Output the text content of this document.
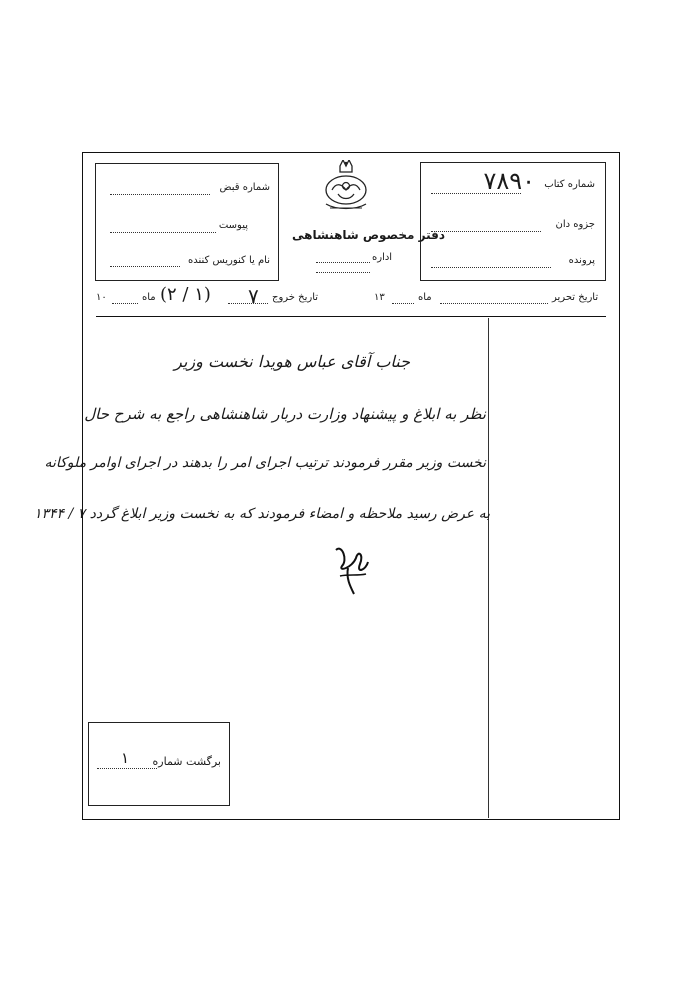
شماره کتاب
۷۸۹۰
جزوه دان
پرونده
دفتر مخصوص شاهنشاهی
اداره
شماره قبض
پیوست
نام یا کنوریس کننده
تاریخ تحریر
ماه
۱۳
تاریخ خروج
۷
(۱ / ۲)
ماه
۱۰
جناب آقای عباس هویدا نخست وزیر
نظر به ابلاغ و پیشنهاد وزارت دربار شاهنشاهی راجع به شرح حال
نخست وزیر مقرر فرمودند ترتیب اجرای امر را بدهند در اجرای اوامر ملوکانه
به عرض رسید ملاحظه و امضاء فرمودند که به نخست وزیر ابلاغ گردد ۷ / ۱۳۴۴
برگشت شماره
۱
